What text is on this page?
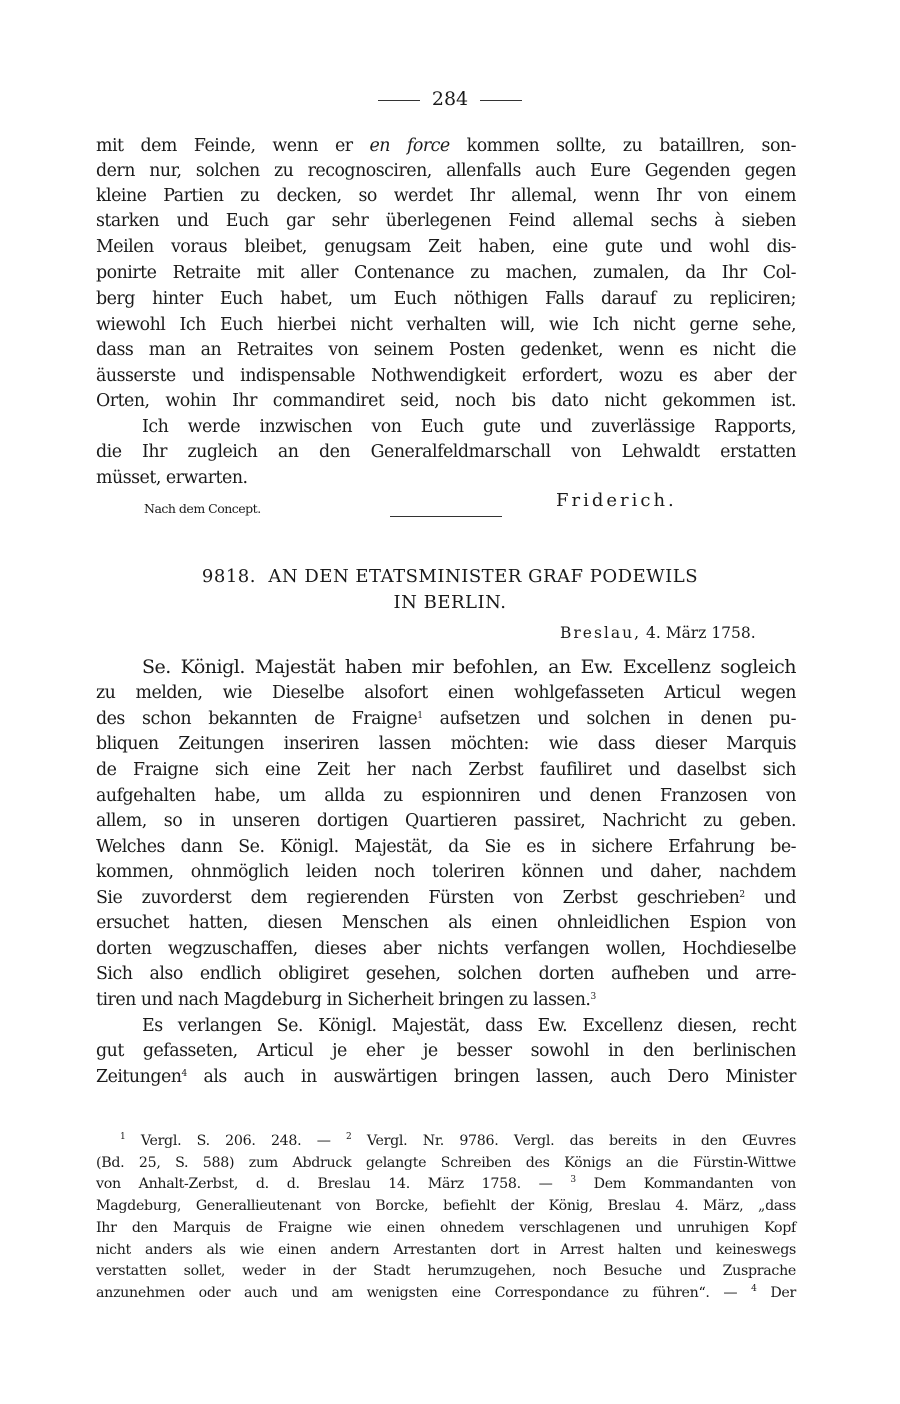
284
mit dem Feinde, wenn er en force kommen sollte, zu bataillren, son-
dern nur, solchen zu recognosciren, allenfalls auch Eure Gegenden gegen
kleine Partien zu decken, so werdet Ihr allemal, wenn Ihr von einem
starken und Euch gar sehr überlegenen Feind allemal sechs à sieben
Meilen voraus bleibet, genugsam Zeit haben, eine gute und wohl dis-
ponirte Retraite mit aller Contenance zu machen, zumalen, da Ihr Col-
berg hinter Euch habet, um Euch nöthigen Falls darauf zu repliciren;
wiewohl Ich Euch hierbei nicht verhalten will, wie Ich nicht gerne sehe,
dass man an Retraites von seinem Posten gedenket, wenn es nicht die
äusserste und indispensable Nothwendigkeit erfordert, wozu es aber der
Orten, wohin Ihr commandiret seid, noch bis dato nicht gekommen ist.
Ich werde inzwischen von Euch gute und zuverlässige Rapports,
die Ihr zugleich an den Generalfeldmarschall von Lehwaldt erstatten
müsset, erwarten.
Nach dem Concept.	Friderich.
9818. AN DEN ETATSMINISTER GRAF PODEWILS
IN BERLIN.
Breslau, 4. März 1758.
Se. Königl. Majestät haben mir befohlen, an Ew. Excellenz sogleich
zu melden, wie Dieselbe alsofort einen wohlgefasseten Articul wegen
des schon bekannten de Fraigne$^1$ aufsetzen und solchen in denen pu-
bliquen Zeitungen inseriren lassen möchten: wie dass dieser Marquis
de Fraigne sich eine Zeit her nach Zerbst faufiliret und daselbst sich
aufgehalten habe, um allda zu espionniren und denen Franzosen von
allem, so in unseren dortigen Quartieren passiret, Nachricht zu geben.
Welches dann Se. Königl. Majestät, da Sie es in sichere Erfahrung be-
kommen, ohnmöglich leiden noch toleriren können und daher, nachdem
Sie zuvorderst dem regierenden Fürsten von Zerbst geschrieben$^2$ und
ersuchet hatten, diesen Menschen als einen ohnleidlichen Espion von
dorten wegzuschaffen, dieses aber nichts verfangen wollen, Hochdieselbe
Sich also endlich obligiret gesehen, solchen dorten aufheben und arre-
tiren und nach Magdeburg in Sicherheit bringen zu lassen.$^3$
Es verlangen Se. Königl. Majestät, dass Ew. Excellenz diesen, recht
gut gefasseten, Articul je eher je besser sowohl in den berlinischen
Zeitungen$^4$ als auch in auswärtigen bringen lassen, auch Dero Minister
$^1$ Vergl. S. 206. 248. — $^2$ Vergl. Nr. 9786. Vergl. das bereits in den Œuvres
(Bd. 25, S. 588) zum Abdruck gelangte Schreiben des Königs an die Fürstin-Wittwe
von Anhalt-Zerbst, d. d. Breslau 14. März 1758. — $^3$ Dem Kommandanten von
Magdeburg, Generallieutenant von Borcke, befiehlt der König, Breslau 4. März, „dass
Ihr den Marquis de Fraigne wie einen ohnedem verschlagenen und unruhigen Kopf
nicht anders als wie einen andern Arrestanten dort in Arrest halten und keineswegs
verstatten sollet, weder in der Stadt herumzugehen, noch Besuche und Zusprache
anzunehmen oder auch und am wenigsten eine Correspondance zu führen“. — $^4$ Der
